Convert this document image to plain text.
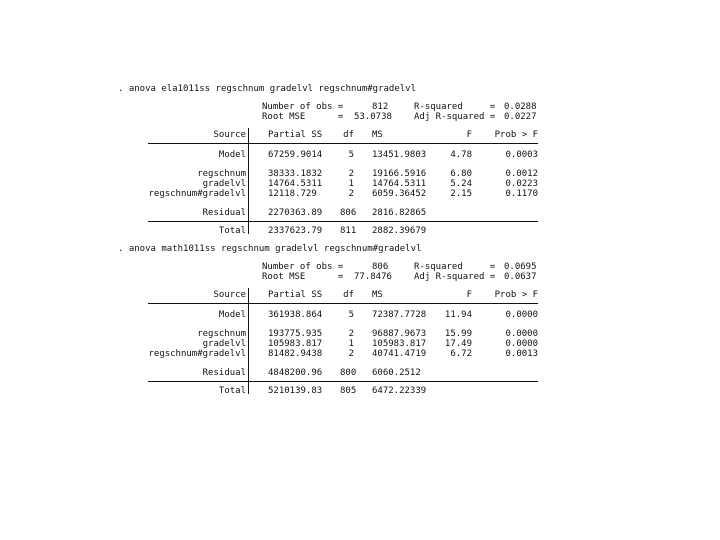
. anova ela1011ss regschnum gradelvl regschnum#gradelvl
Number of obs =	812
Root MSE      = 53.0738
R-squared     = 0.0288
Adj R-squared = 0.0227
Source Partial SS	df MS	F	Prob > F
Model 67259.9014	5 13451.9803	4.78	0.0003
regschnum 38333.1832	2 19166.5916	6.80	0.0012
gradelvl 14764.5311	1 14764.5311	5.24	0.0223
regschnum#gradelvl 12118.729	2 6059.36452	2.15	0.1170
Residual 2270363.89 806 2816.82865
Total 2337623.79 811 2882.39679
. anova math1011ss regschnum gradelvl regschnum#gradelvl
Number of obs =	806
Root MSE      = 77.8476
R-squared     = 0.0695
Adj R-squared = 0.0637
Source Partial SS	df MS	F	Prob > F
Model 361938.864	5 72387.7728	11.94	0.0000
regschnum 193775.935	2 96887.9673	15.99	0.0000
gradelvl 105983.817	1 105983.817	17.49	0.0000
regschnum#gradelvl 81482.9438	2 40741.4719	6.72	0.0013
Residual 4848200.96 800 6060.2512
Total 5210139.83 805 6472.22339
